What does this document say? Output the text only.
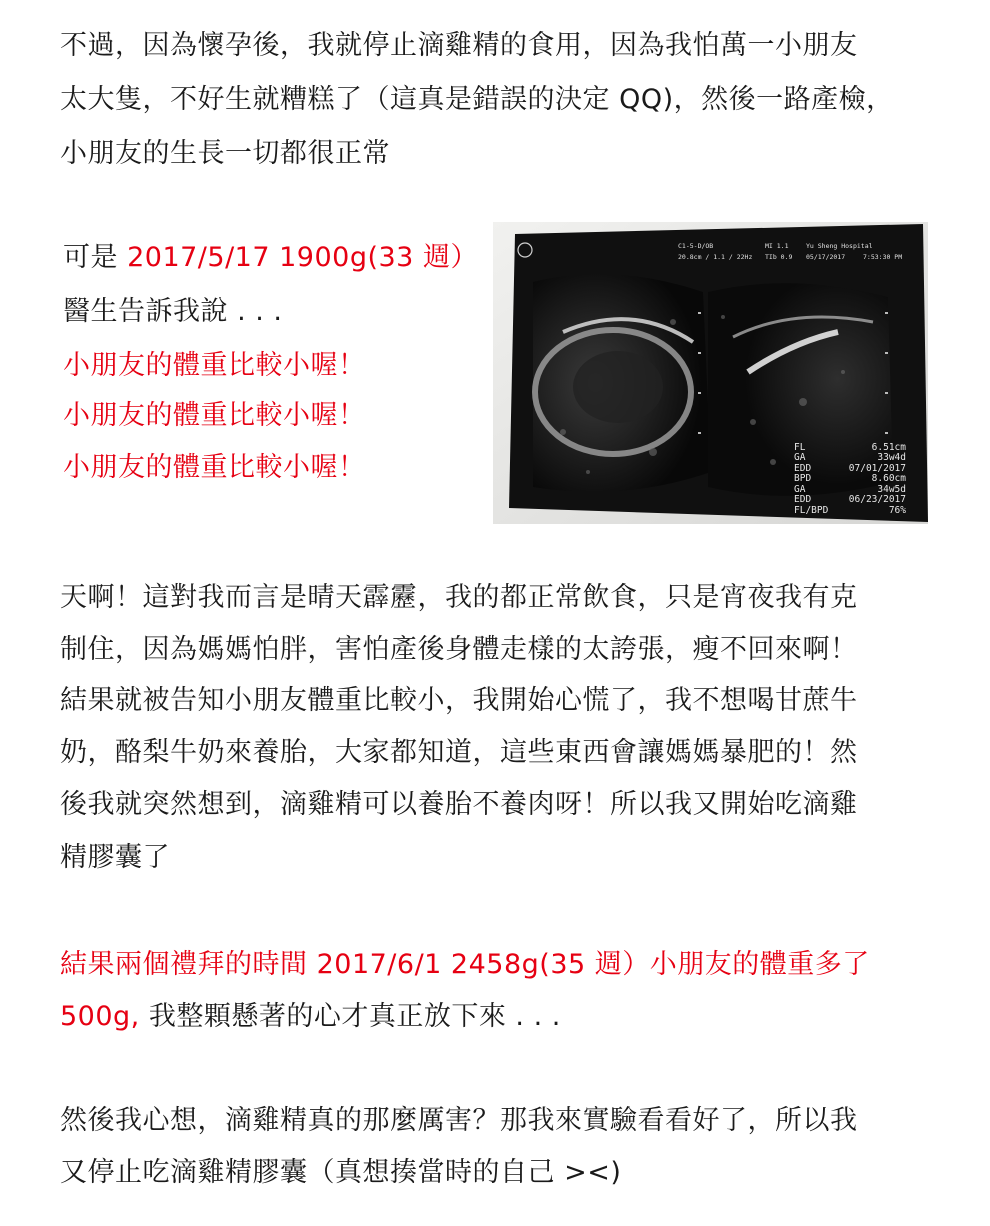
不過，因為懷孕後，我就停止滴雞精的食用，因為我怕萬一小朋友
太大隻，不好生就糟糕了（這真是錯誤的決定 QQ)，然後一路產檢，
小朋友的生長一切都很正常
可是 2017/5/17 1900g(33 週）
醫生告訴我說 . . .
小朋友的體重比較小喔！
小朋友的體重比較小喔！
小朋友的體重比較小喔！
C1-5-D/OB	MI 1.1	Yu Sheng Hospital
20.8cm / 1.1 / 22Hz TIb 0.9 05/17/2017	7:53:30 PM
FL	6.51cm
GA	33w4d
EDD	07/01/2017
BPD	8.60cm
GA	34w5d
EDD	06/23/2017
FL/BPD	76%
天啊！這對我而言是晴天霹靂，我的都正常飲食，只是宵夜我有克
制住，因為媽媽怕胖，害怕產後身體走樣的太誇張，瘦不回來啊！
結果就被告知小朋友體重比較小，我開始心慌了，我不想喝甘蔗牛
奶，酪梨牛奶來養胎，大家都知道，這些東西會讓媽媽暴肥的！然
後我就突然想到，滴雞精可以養胎不養肉呀！所以我又開始吃滴雞
精膠囊了
結果兩個禮拜的時間 2017/6/1 2458g(35 週）小朋友的體重多了
500g, 我整顆懸著的心才真正放下來 . . .
然後我心想，滴雞精真的那麼厲害？那我來實驗看看好了，所以我
又停止吃滴雞精膠囊（真想揍當時的自己 ><)
